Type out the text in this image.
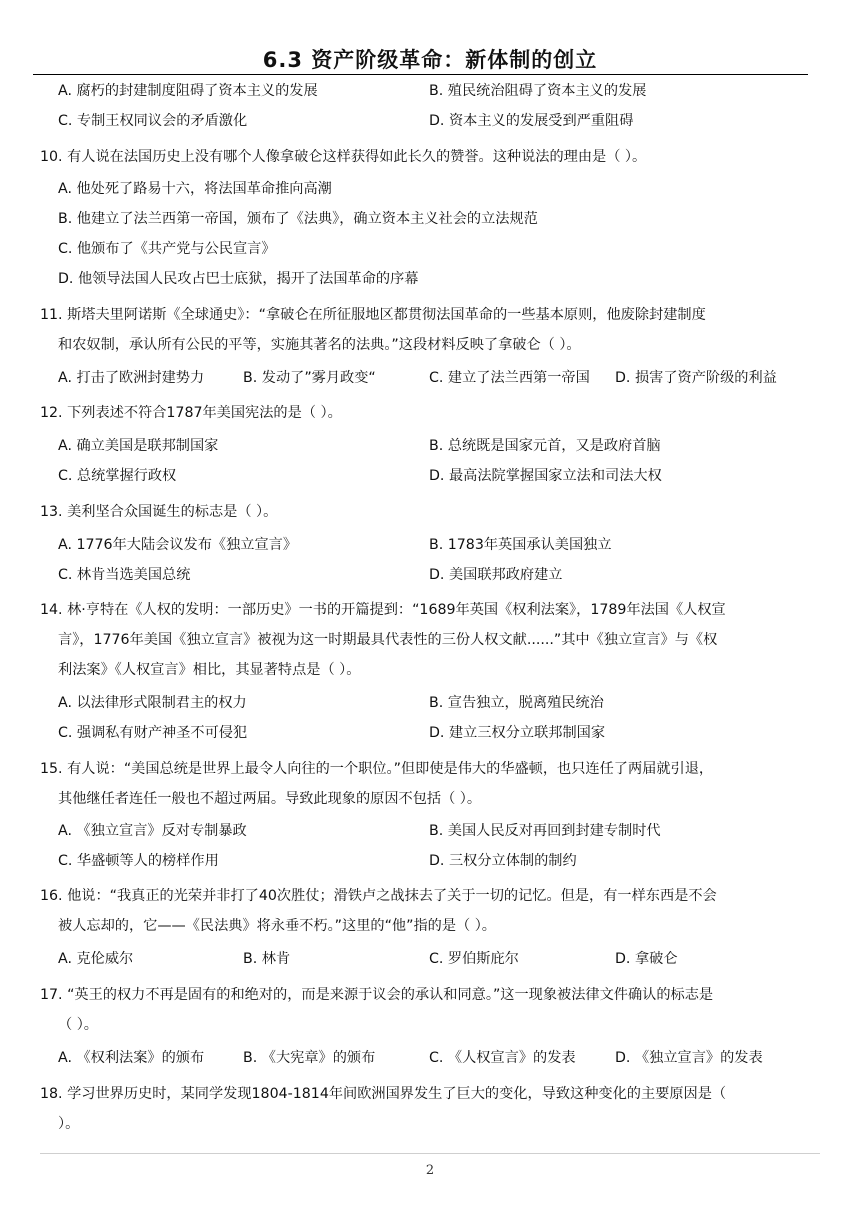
6.3 资产阶级革命：新体制的创立
A. 腐朽的封建制度阻碍了资本主义的发展	B. 殖民统治阻碍了资本主义的发展
C. 专制王权同议会的矛盾激化	D. 资本主义的发展受到严重阻碍
10. 有人说在法国历史上没有哪个人像拿破仑这样获得如此长久的赞誉。这种说法的理由是（ ）。
A. 他处死了路易十六，将法国革命推向高潮
B. 他建立了法兰西第一帝国，颁布了《法典》，确立资本主义社会的立法规范
C. 他颁布了《共产党与公民宣言》
D. 他领导法国人民攻占巴士底狱，揭开了法国革命的序幕
11. 斯塔夫里阿诺斯《全球通史》：“拿破仑在所征服地区都贯彻法国革命的一些基本原则，他废除封建制度
和农奴制，承认所有公民的平等，实施其著名的法典。”这段材料反映了拿破仑（ ）。
A. 打击了欧洲封建势力	B. 发动了”雾月政变“	C. 建立了法兰西第一帝国 D. 损害了资产阶级的利益
12. 下列表述不符合1787年美国宪法的是（ ）。
A. 确立美国是联邦制国家	B. 总统既是国家元首，又是政府首脑
C. 总统掌握行政权	D. 最高法院掌握国家立法和司法大权
13. 美利坚合众国诞生的标志是（ ）。
A. 1776年大陆会议发布《独立宣言》	B. 1783年英国承认美国独立
C. 林肯当选美国总统	D. 美国联邦政府建立
14. 林·亨特在《人权的发明：一部历史》一书的开篇提到：“1689年英国《权利法案》，1789年法国《人权宣
言》，1776年美国《独立宣言》被视为这一时期最具代表性的三份人权文献......”其中《独立宣言》与《权
利法案》《人权宣言》相比，其显著特点是（ ）。
A. 以法律形式限制君主的权力	B. 宣告独立，脱离殖民统治
C. 强调私有财产神圣不可侵犯	D. 建立三权分立联邦制国家
15. 有人说：“美国总统是世界上最令人向往的一个职位。”但即使是伟大的华盛顿，也只连任了两届就引退，
其他继任者连任一般也不超过两届。导致此现象的原因不包括（ ）。
A. 《独立宣言》反对专制暴政	B. 美国人民反对再回到封建专制时代
C. 华盛顿等人的榜样作用	D. 三权分立体制的制约
16. 他说：“我真正的光荣并非打了40次胜仗；滑铁卢之战抹去了关于一切的记忆。但是，有一样东西是不会
被人忘却的，它——《民法典》将永垂不朽。”这里的“他”指的是（ ）。
A. 克伦威尔	B. 林肯	C. 罗伯斯庇尔	D. 拿破仑
17. “英王的权力不再是固有的和绝对的，而是来源于议会的承认和同意。”这一现象被法律文件确认的标志是
（ ）。
A. 《权利法案》的颁布	B. 《大宪章》的颁布	C. 《人权宣言》的发表	D. 《独立宣言》的发表
18. 学习世界历史时，某同学发现1804-1814年间欧洲国界发生了巨大的变化，导致这种变化的主要原因是（
）。
2
